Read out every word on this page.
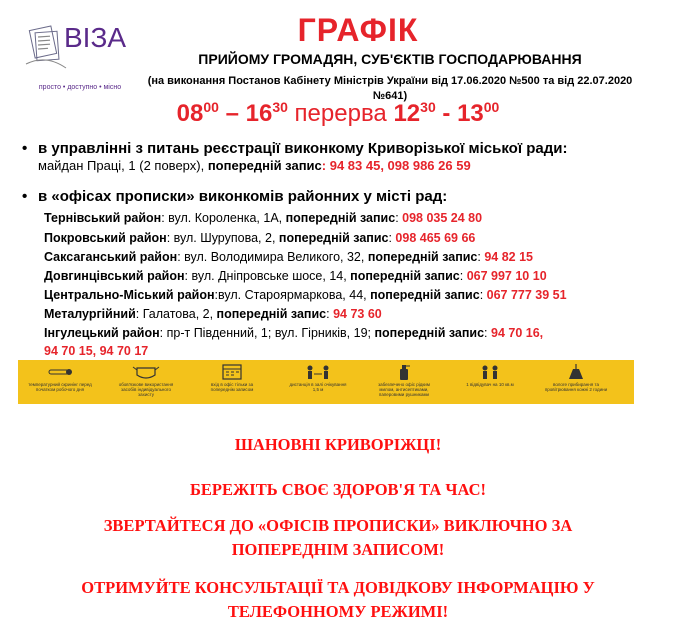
ВІЗА
просто • доступно • місно
ГРАФІК
ПРИЙОМУ ГРОМАДЯН, СУБ'ЄКТІВ ГОСПОДАРЮВАННЯ
(на виконання Постанов Кабінету Міністрів України від 17.06.2020 №500 та від 22.07.2020
№641)
$08^{00} - 16^{30}$ перерва $12^{30} - 13^{00}$
• в управлінні з питань реєстрації виконкому Криворізької міської ради:
майдан Праці, 1 (2 поверх), попередній запис: 94 83 45, 098 986 26 59
• в «офісах прописки» виконкомів районних у місті рад:
Тернівський район: вул. Короленка, 1А, попередній запис: 098 035 24 80
Покровський район: вул. Шурупова, 2, попередній запис: 098 465 69 66
Саксаганський район: вул. Володимира Великого, 32, попередній запис: 94 82 15
Довгинцівський район: вул. Дніпровське шосе, 14, попередній запис: 067 997 10 10
Центрально-Міський район:вул. Староярмаркова, 44, попередній запис: 067 777 39 51
Металургійний: Галатова, 2, попередній запис: 94 73 60
Інгулецький район: пр-т Південний, 1; вул. Гірників, 19; попередній запис: 94 70 16,
94 70 15, 94 70 17
температурний скринінг перед початком робочого дня
обов'язкове використання засобів індивідуального захисту
вхід в офіс тільки за попереднім записом
дистанція в залі очікування 1,5 м
забезпечено офіс рідким милом, антисептиками, паперовими рушниками
1 відвідувач на 10 кв.м	вологе прибирання та провітрювання кожні 2 години
ШАНОВНІ КРИВОРІЖЦІ!
БЕРЕЖІТЬ СВОЄ ЗДОРОВ'Я ТА ЧАС!
ЗВЕРТАЙТЕСЯ ДО «ОФІСІВ ПРОПИСКИ» ВИКЛЮЧНО ЗА
ПОПЕРЕДНІМ ЗАПИСОМ!
ОТРИМУЙТЕ КОНСУЛЬТАЦІЇ ТА ДОВІДКОВУ ІНФОРМАЦІЮ У
ТЕЛЕФОННОМУ РЕЖИМІ!
